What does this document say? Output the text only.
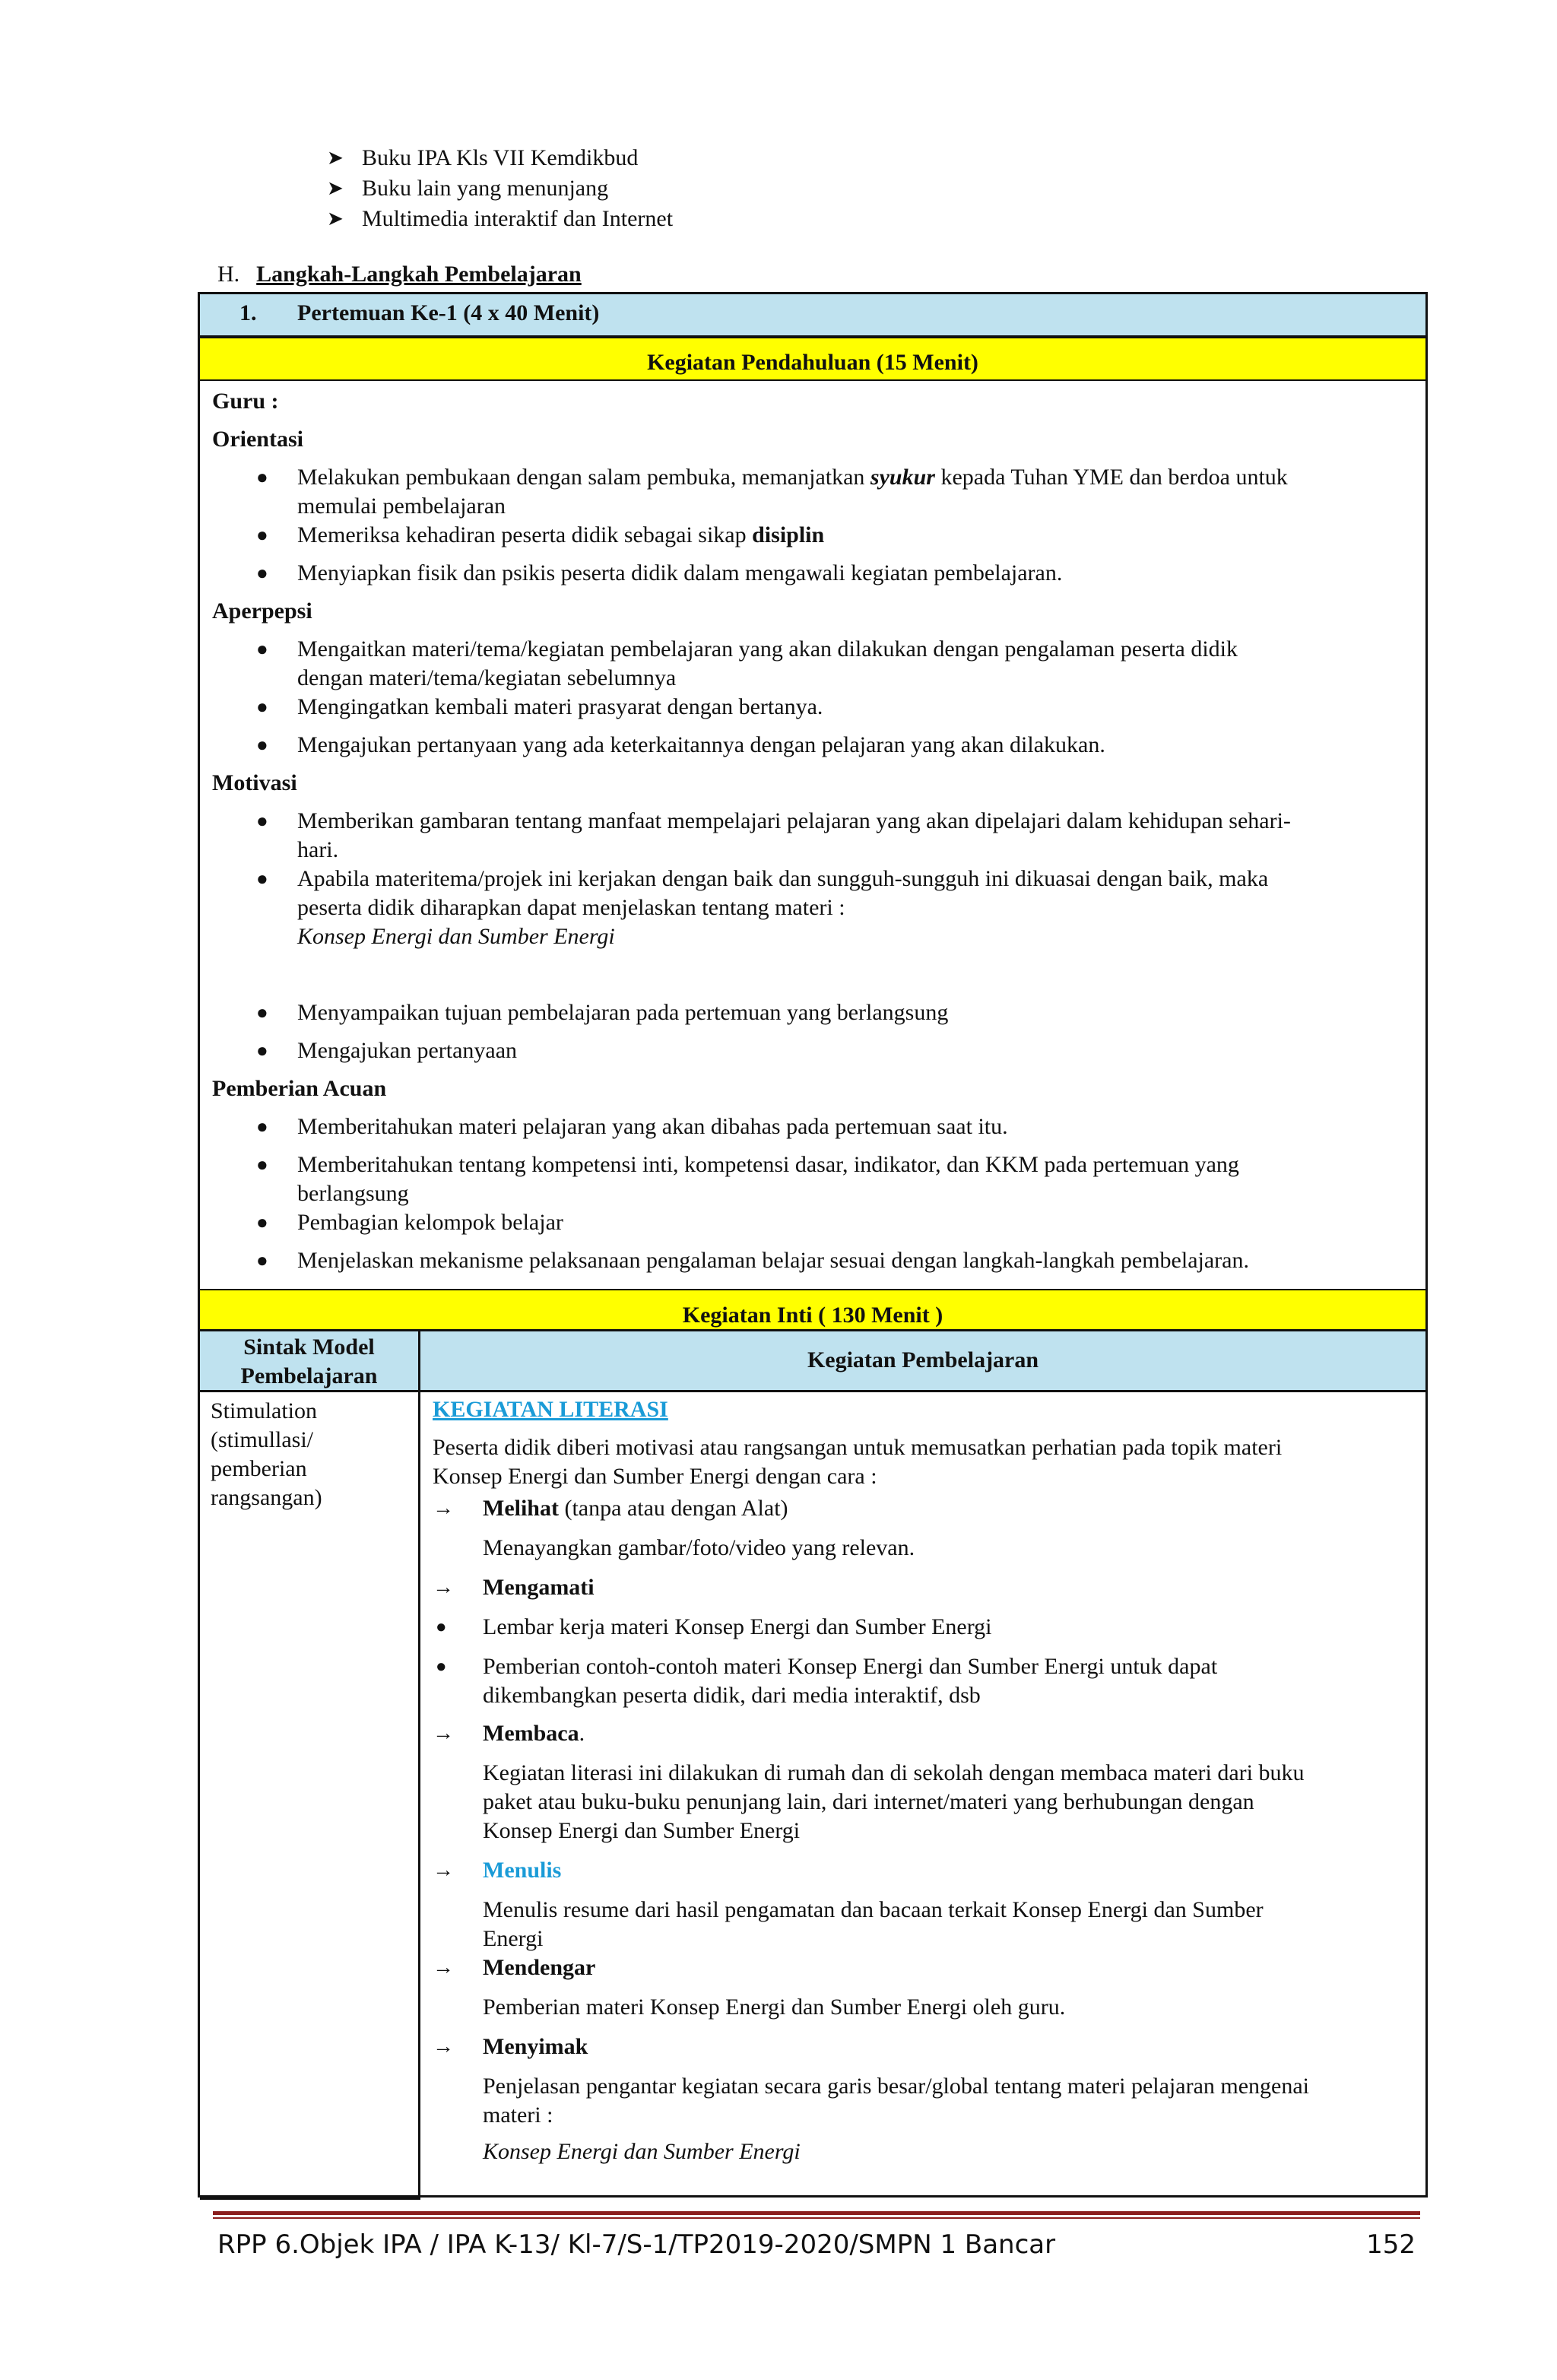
➤ Buku IPA Kls VII Kemdikbud
➤ Buku lain yang menunjang
➤ Multimedia interaktif dan Internet
H. Langkah-Langkah Pembelajaran
1. Pertemuan Ke-1 (4 x 40 Menit)
Kegiatan Pendahuluan (15 Menit)
Guru :
Orientasi
● Melakukan pembukaan dengan salam pembuka, memanjatkan syukur kepada Tuhan YME dan berdoa untuk
memulai pembelajaran
● Memeriksa kehadiran peserta didik sebagai sikap disiplin
● Menyiapkan fisik dan psikis peserta didik dalam mengawali kegiatan pembelajaran.
Aperpepsi
● Mengaitkan materi/tema/kegiatan pembelajaran yang akan dilakukan dengan pengalaman peserta didik
dengan materi/tema/kegiatan sebelumnya
● Mengingatkan kembali materi prasyarat dengan bertanya.
● Mengajukan pertanyaan yang ada keterkaitannya dengan pelajaran yang akan dilakukan.
Motivasi
● Memberikan gambaran tentang manfaat mempelajari pelajaran yang akan dipelajari dalam kehidupan sehari-
hari.
● Apabila materitema/projek ini kerjakan dengan baik dan sungguh-sungguh ini dikuasai dengan baik, maka
peserta didik diharapkan dapat menjelaskan tentang materi :
Konsep Energi dan Sumber Energi
● Menyampaikan tujuan pembelajaran pada pertemuan yang berlangsung
● Mengajukan pertanyaan
Pemberian Acuan
● Memberitahukan materi pelajaran yang akan dibahas pada pertemuan saat itu.
● Memberitahukan tentang kompetensi inti, kompetensi dasar, indikator, dan KKM pada pertemuan yang
berlangsung
● Pembagian kelompok belajar
● Menjelaskan mekanisme pelaksanaan pengalaman belajar sesuai dengan langkah-langkah pembelajaran.
Kegiatan Inti ( 130 Menit )
Sintak Model
Pembelajaran
Kegiatan Pembelajaran
Stimulation
(stimullasi/
pemberian
rangsangan)
KEGIATAN LITERASI
Peserta didik diberi motivasi atau rangsangan untuk memusatkan perhatian pada topik materi
Konsep Energi dan Sumber Energi dengan cara :
→ Melihat (tanpa atau dengan Alat)
Menayangkan gambar/foto/video yang relevan.
→ Mengamati
● Lembar kerja materi Konsep Energi dan Sumber Energi
● Pemberian contoh-contoh materi Konsep Energi dan Sumber Energi untuk dapat
dikembangkan peserta didik, dari media interaktif, dsb
→ Membaca.
Kegiatan literasi ini dilakukan di rumah dan di sekolah dengan membaca materi dari buku
paket atau buku-buku penunjang lain, dari internet/materi yang berhubungan dengan
Konsep Energi dan Sumber Energi
→ Menulis
Menulis resume dari hasil pengamatan dan bacaan terkait Konsep Energi dan Sumber
Energi
→ Mendengar
Pemberian materi Konsep Energi dan Sumber Energi oleh guru.
→ Menyimak
Penjelasan pengantar kegiatan secara garis besar/global tentang materi pelajaran mengenai
materi :
Konsep Energi dan Sumber Energi
RPP 6.Objek IPA / IPA K-13/ Kl-7/S-1/TP2019-2020/SMPN 1 Bancar	152
